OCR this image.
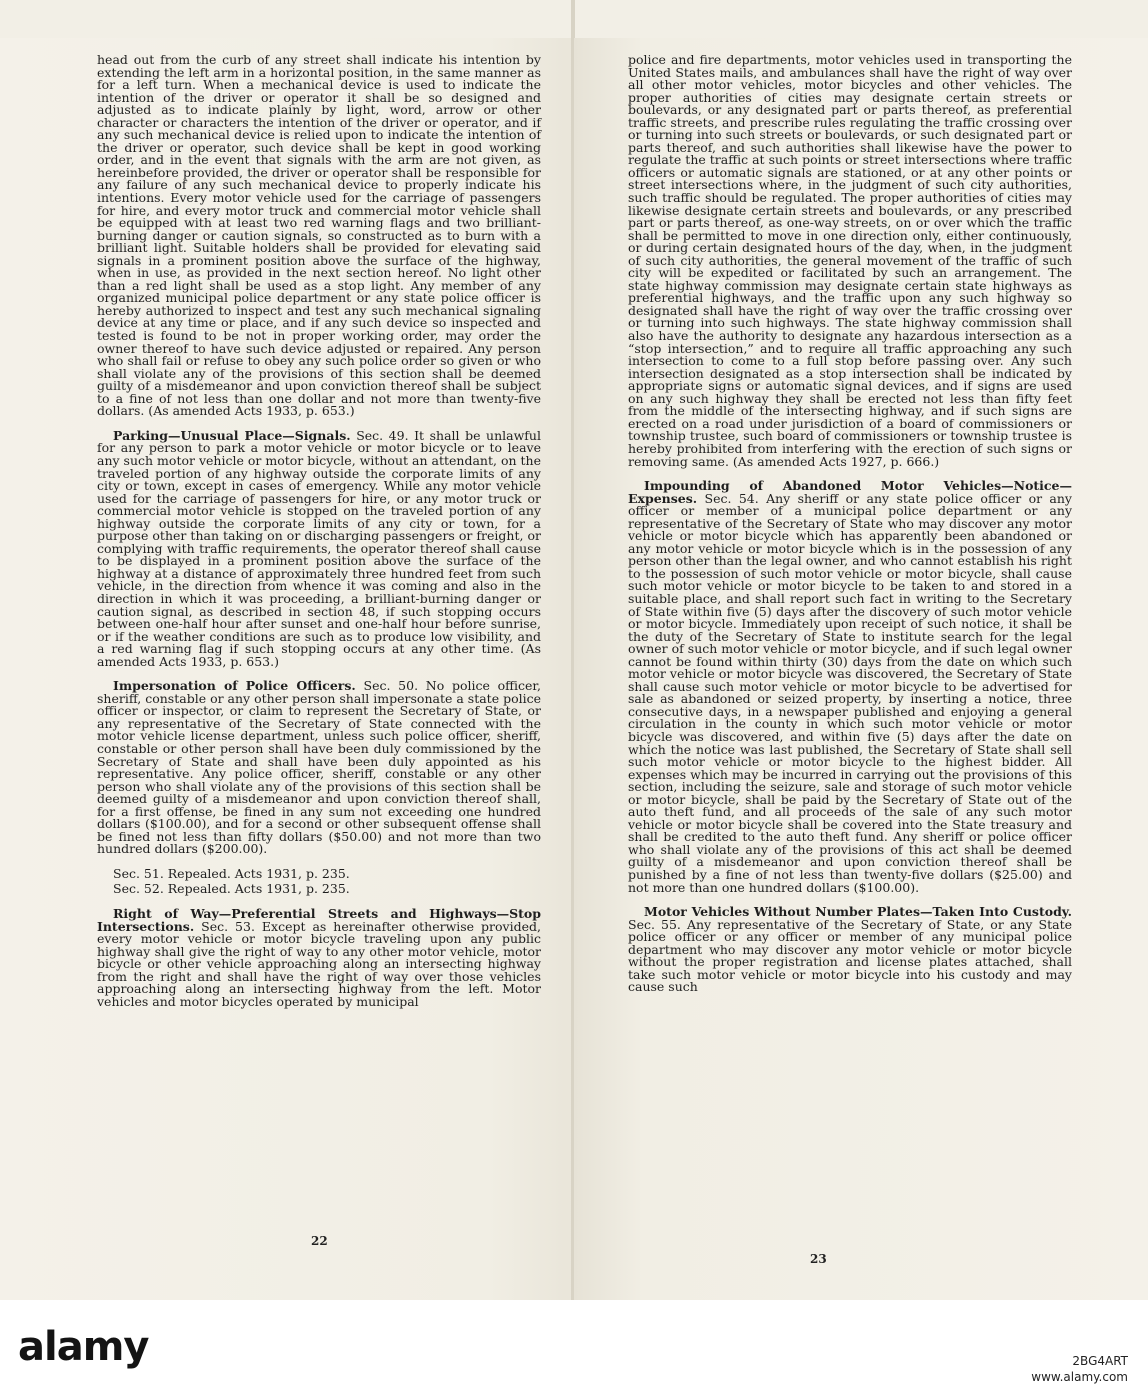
head out from the curb of any street shall indicate his intention by extending the left arm in a horizontal position, in the same manner as for a left turn. When a mechanical device is used to indicate the intention of the driver or operator it shall be so designed and adjusted as to indicate plainly by light, word, arrow or other character or characters the intention of the driver or operator, and if any such mechanical device is relied upon to indicate the intention of the driver or operator, such device shall be kept in good working order, and in the event that signals with the arm are not given, as hereinbefore provided, the driver or operator shall be responsible for any failure of any such mechanical device to properly indicate his intentions. Every motor vehicle used for the carriage of passengers for hire, and every motor truck and commercial motor vehicle shall be equipped with at least two red warning flags and two brilliant-burning danger or caution signals, so constructed as to burn with a brilliant light. Suitable holders shall be provided for elevating said signals in a prominent position above the surface of the highway, when in use, as provided in the next section hereof. No light other than a red light shall be used as a stop light. Any member of any organized municipal police department or any state police officer is hereby authorized to inspect and test any such mechanical signaling device at any time or place, and if any such device so inspected and tested is found to be not in proper working order, may order the owner thereof to have such device adjusted or repaired. Any person who shall fail or refuse to obey any such police order so given or who shall violate any of the provisions of this section shall be deemed guilty of a misdemeanor and upon conviction thereof shall be subject to a fine of not less than one dollar and not more than twenty-five dollars. (As amended Acts 1933, p. 653.)

Parking—Unusual Place—Signals. Sec. 49. It shall be unlawful for any person to park a motor vehicle or motor bicycle or to leave any such motor vehicle or motor bicycle, without an attendant, on the traveled portion of any highway outside the corporate limits of any city or town, except in cases of emergency. While any motor vehicle used for the carriage of passengers for hire, or any motor truck or commercial motor vehicle is stopped on the traveled portion of any highway outside the corporate limits of any city or town, for a purpose other than taking on or discharging passengers or freight, or complying with traffic requirements, the operator thereof shall cause to be displayed in a prominent position above the surface of the highway at a distance of approximately three hundred feet from such vehicle, in the direction from whence it was coming and also in the direction in which it was proceeding, a brilliant-burning danger or caution signal, as described in section 48, if such stopping occurs between one-half hour after sunset and one-half hour before sunrise, or if the weather conditions are such as to produce low visibility, and a red warning flag if such stopping occurs at any other time. (As amended Acts 1933, p. 653.)

Impersonation of Police Officers. Sec. 50. No police officer, sheriff, constable or any other person shall impersonate a state police officer or inspector, or claim to represent the Secretary of State, or any representative of the Secretary of State connected with the motor vehicle license department, unless such police officer, sheriff, constable or other person shall have been duly commissioned by the Secretary of State and shall have been duly appointed as his representative. Any police officer, sheriff, constable or any other person who shall violate any of the provisions of this section shall be deemed guilty of a misdemeanor and upon conviction thereof shall, for a first offense, be fined in any sum not exceeding one hundred dollars ($100.00), and for a second or other subsequent offense shall be fined not less than fifty dollars ($50.00) and not more than two hundred dollars ($200.00).

Sec. 51. Repealed. Acts 1931, p. 235.

Sec. 52. Repealed. Acts 1931, p. 235.

Right of Way—Preferential Streets and Highways—Stop Intersections. Sec. 53. Except as hereinafter otherwise provided, every motor vehicle or motor bicycle traveling upon any public highway shall give the right of way to any other motor vehicle, motor bicycle or other vehicle approaching along an intersecting highway from the right and shall have the right of way over those vehicles approaching along an intersecting highway from the left. Motor vehicles and motor bicycles operated by municipal

22

police and fire departments, motor vehicles used in transporting the United States mails, and ambulances shall have the right of way over all other motor vehicles, motor bicycles and other vehicles. The proper authorities of cities may designate certain streets or boulevards, or any designated part or parts thereof, as preferential traffic streets, and prescribe rules regulating the traffic crossing over or turning into such streets or boulevards, or such designated part or parts thereof, and such authorities shall likewise have the power to regulate the traffic at such points or street intersections where traffic officers or automatic signals are stationed, or at any other points or street intersections where, in the judgment of such city authorities, such traffic should be regulated. The proper authorities of cities may likewise designate certain streets and boulevards, or any prescribed part or parts thereof, as one-way streets, on or over which the traffic shall be permitted to move in one direction only, either continuously, or during certain designated hours of the day, when, in the judgment of such city authorities, the general movement of the traffic of such city will be expedited or facilitated by such an arrangement. The state highway commission may designate certain state highways as preferential highways, and the traffic upon any such highway so designated shall have the right of way over the traffic crossing over or turning into such highways. The state highway commission shall also have the authority to designate any hazardous intersection as a “stop intersection,” and to require all traffic approaching any such intersection to come to a full stop before passing over. Any such intersection designated as a stop intersection shall be indicated by appropriate signs or automatic signal devices, and if signs are used on any such highway they shall be erected not less than fifty feet from the middle of the intersecting highway, and if such signs are erected on a road under jurisdiction of a board of commissioners or township trustee, such board of commissioners or township trustee is hereby prohibited from interfering with the erection of such signs or removing same. (As amended Acts 1927, p. 666.)

Impounding of Abandoned Motor Vehicles—Notice—Expenses. Sec. 54. Any sheriff or any state police officer or any officer or member of a municipal police department or any representative of the Secretary of State who may discover any motor vehicle or motor bicycle which has apparently been abandoned or any motor vehicle or motor bicycle which is in the possession of any person other than the legal owner, and who cannot establish his right to the possession of such motor vehicle or motor bicycle, shall cause such motor vehicle or motor bicycle to be taken to and stored in a suitable place, and shall report such fact in writing to the Secretary of State within five (5) days after the discovery of such motor vehicle or motor bicycle. Immediately upon receipt of such notice, it shall be the duty of the Secretary of State to institute search for the legal owner of such motor vehicle or motor bicycle, and if such legal owner cannot be found within thirty (30) days from the date on which such motor vehicle or motor bicycle was discovered, the Secretary of State shall cause such motor vehicle or motor bicycle to be advertised for sale as abandoned or seized property, by inserting a notice, three consecutive days, in a newspaper published and enjoying a general circulation in the county in which such motor vehicle or motor bicycle was discovered, and within five (5) days after the date on which the notice was last published, the Secretary of State shall sell such motor vehicle or motor bicycle to the highest bidder. All expenses which may be incurred in carrying out the provisions of this section, including the seizure, sale and storage of such motor vehicle or motor bicycle, shall be paid by the Secretary of State out of the auto theft fund, and all proceeds of the sale of any such motor vehicle or motor bicycle shall be covered into the State treasury and shall be credited to the auto theft fund. Any sheriff or police officer who shall violate any of the provisions of this act shall be deemed guilty of a misdemeanor and upon conviction thereof shall be punished by a fine of not less than twenty-five dollars ($25.00) and not more than one hundred dollars ($100.00).

Motor Vehicles Without Number Plates—Taken Into Custody. Sec. 55. Any representative of the Secretary of State, or any State police officer or any officer or member of any municipal police department who may discover any motor vehicle or motor bicycle without the proper registration and license plates attached, shall take such motor vehicle or motor bicycle into his custody and may cause such

23
alamy	2BG4ART
www.alamy.com
